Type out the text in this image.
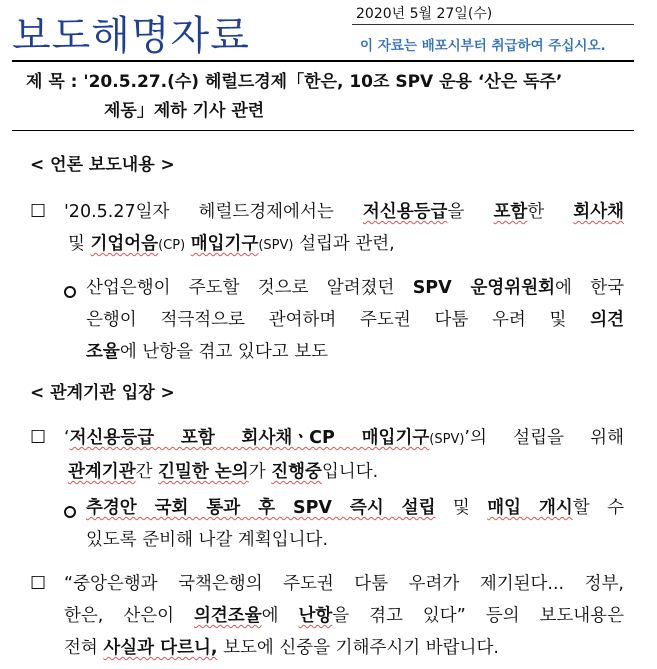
보도해명자료	2020년 5월 27일(수)
이 자료는 배포시부터 취급하여 주십시오.
제 목 : '20.5.27.(수) 헤럴드경제「한은, 10조 SPV 운용 ‘산은 독주’
제동」제하 기사 관련
< 언론 보도내용 >
☐ '20.5.27일자 헤럴드경제에서는 저신용등급을 포함한 회사채
및 기업어음(CP) 매입기구(SPV) 설립과 관련,
산업은행이 주도할 것으로 알려졌던 SPV 운영위원회에 한국
은행이 적극적으로 관여하며 주도권 다툼 우려 및 의견
조율에 난항을 겪고 있다고 보도
< 관계기관 입장 >
☐ ‘저신용등급 포함 회사채ㆍCP 매입기구(SPV)’의 설립을 위해
관계기관간 긴밀한 논의가 진행중입니다.
추경안 국회 통과 후 SPV 즉시 설립 및 매입 개시할 수
있도록 준비해 나갈 계획입니다.
☐ “중앙은행과 국책은행의 주도권 다툼 우려가 제기된다... 정부,
한은, 산은이 의견조율에 난항을 겪고 있다” 등의 보도내용은
전혀 사실과 다르니, 보도에 신중을 기해주시기 바랍니다.
